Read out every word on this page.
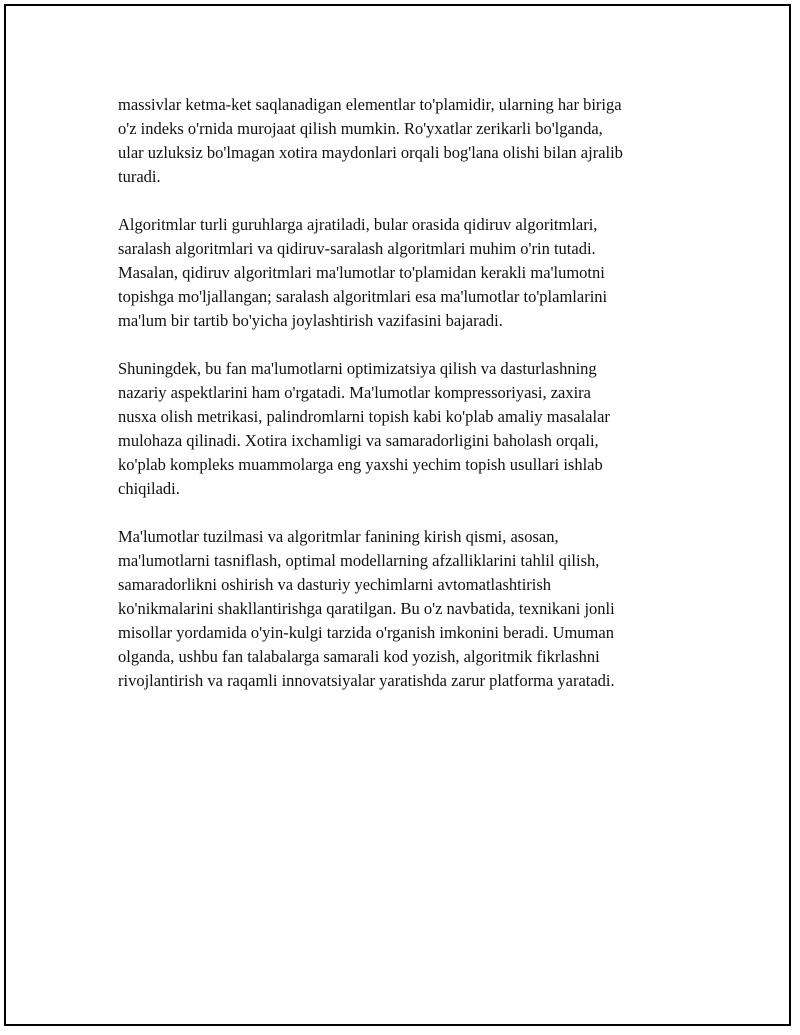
massivlar ketma-ket saqlanadigan elementlar to'plamidir, ularning har biriga
o'z indeks o'rnida murojaat qilish mumkin. Ro'yxatlar zerikarli bo'lganda,
ular uzluksiz bo'lmagan xotira maydonlari orqali bog'lana olishi bilan ajralib
turadi.

Algoritmlar turli guruhlarga ajratiladi, bular orasida qidiruv algoritmlari,
saralash algoritmlari va qidiruv-saralash algoritmlari muhim o'rin tutadi.
Masalan, qidiruv algoritmlari ma'lumotlar to'plamidan kerakli ma'lumotni
topishga mo'ljallangan; saralash algoritmlari esa ma'lumotlar to'plamlarini
ma'lum bir tartib bo'yicha joylashtirish vazifasini bajaradi.

Shuningdek, bu fan ma'lumotlarni optimizatsiya qilish va dasturlashning
nazariy aspektlarini ham o'rgatadi. Ma'lumotlar kompressoriyasi, zaxira
nusxa olish metrikasi, palindromlarni topish kabi ko'plab amaliy masalalar
mulohaza qilinadi. Xotira ixchamligi va samaradorligini baholash orqali,
ko'plab kompleks muammolarga eng yaxshi yechim topish usullari ishlab
chiqiladi.

Ma'lumotlar tuzilmasi va algoritmlar fanining kirish qismi, asosan,
ma'lumotlarni tasniflash, optimal modellarning afzalliklarini tahlil qilish,
samaradorlikni oshirish va dasturiy yechimlarni avtomatlashtirish
ko'nikmalarini shakllantirishga qaratilgan. Bu o'z navbatida, texnikani jonli
misollar yordamida o'yin-kulgi tarzida o'rganish imkonini beradi. Umuman
olganda, ushbu fan talabalarga samarali kod yozish, algoritmik fikrlashni
rivojlantirish va raqamli innovatsiyalar yaratishda zarur platforma yaratadi.
